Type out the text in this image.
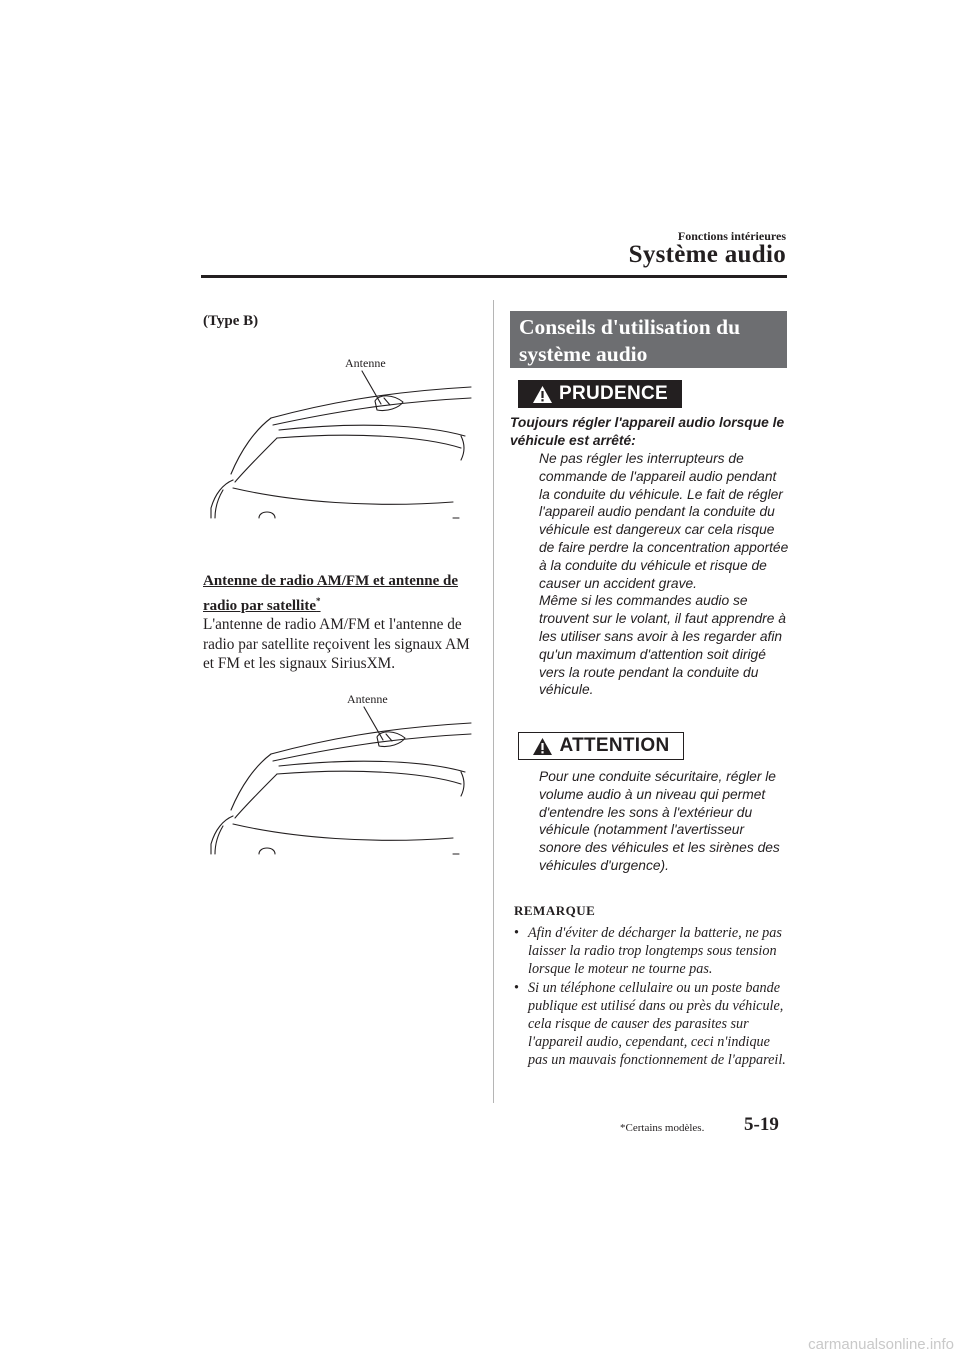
Fonctions intérieures
Système audio
(Type B)
Antenne
Antenne de radio AM/FM et antenne de radio par satellite*
L'antenne de radio AM/FM et l'antenne de radio par satellite reçoivent les signaux AM et FM et les signaux SiriusXM.
Antenne
Conseils d'utilisation du système audio
PRUDENCE
Toujours régler l'appareil audio lorsque le véhicule est arrêté:
Ne pas régler les interrupteurs de commande de l'appareil audio pendant la conduite du véhicule. Le fait de régler l'appareil audio pendant la conduite du véhicule est dangereux car cela risque de faire perdre la concentration apportée à la conduite du véhicule et risque de causer un accident grave.
Même si les commandes audio se trouvent sur le volant, il faut apprendre à les utiliser sans avoir à les regarder afin qu'un maximum d'attention soit dirigé vers la route pendant la conduite du véhicule.
ATTENTION
Pour une conduite sécuritaire, régler le volume audio à un niveau qui permet d'entendre les sons à l'extérieur du véhicule (notamment l'avertisseur sonore des véhicules et les sirènes des véhicules d'urgence).
REMARQUE
• Afin d'éviter de décharger la batterie, ne pas laisser la radio trop longtemps sous tension lorsque le moteur ne tourne pas.
• Si un téléphone cellulaire ou un poste bande publique est utilisé dans ou près du véhicule, cela risque de causer des parasites sur l'appareil audio, cependant, ceci n'indique pas un mauvais fonctionnement de l'appareil.
*Certains modèles. 5-19
carmanualsonline.info
